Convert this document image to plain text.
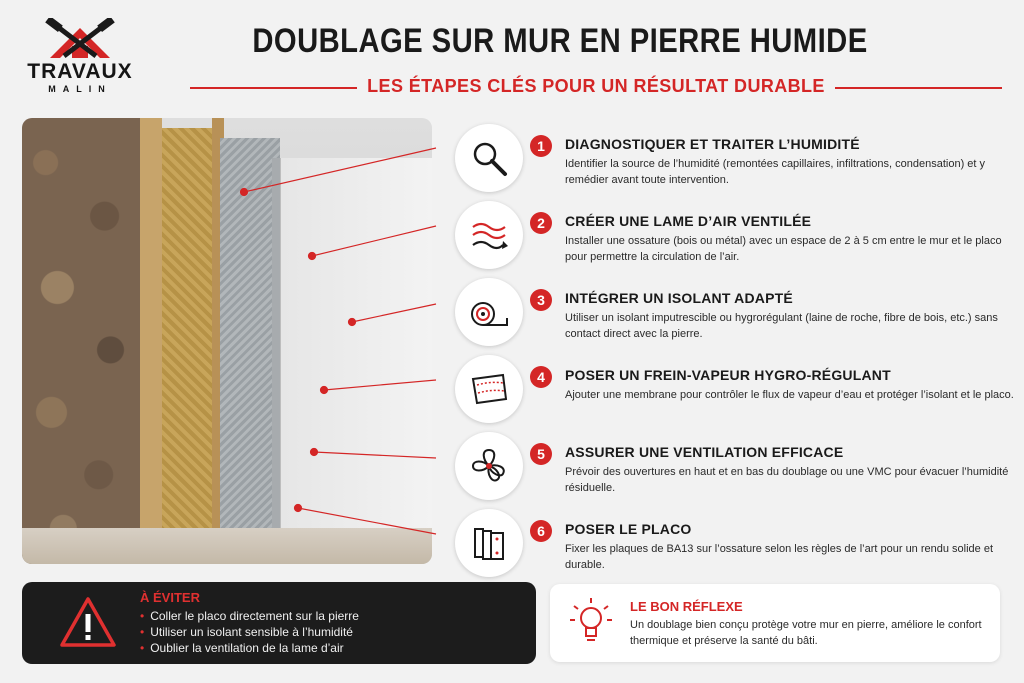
TRAVAUX
MALIN
DOUBLAGE SUR MUR EN PIERRE HUMIDE
LES ÉTAPES CLÉS POUR UN RÉSULTAT DURABLE
1	DIAGNOSTIQUER ET TRAITER L’HUMIDITÉ
Identifier la source de l’humidité (remontées capillaires, infiltrations, condensation) et y remédier avant toute intervention.
2	CRÉER UNE LAME D’AIR VENTILÉE
Installer une ossature (bois ou métal) avec un espace de 2 à 5 cm entre le mur et le placo pour permettre la circulation de l’air.
3	INTÉGRER UN ISOLANT ADAPTÉ
Utiliser un isolant imputrescible ou hygrorégulant (laine de roche, fibre de bois, etc.) sans contact direct avec la pierre.
4	POSER UN FREIN-VAPEUR HYGRO-RÉGULANT
Ajouter une membrane pour contrôler le flux de vapeur d’eau et protéger l’isolant et le placo.
5	ASSURER UNE VENTILATION EFFICACE
Prévoir des ouvertures en haut et en bas du doublage ou une VMC pour évacuer l’humidité résiduelle.
6	POSER LE PLACO
Fixer les plaques de BA13 sur l’ossature selon les règles de l’art pour un rendu solide et durable.
À ÉVITER
• Coller le placo directement sur la pierre
• Utiliser un isolant sensible à l’humidité
• Oublier la ventilation de la lame d’air
LE BON RÉFLEXE
Un doublage bien conçu protège votre mur en pierre, améliore le confort thermique et préserve la santé du bâti.
